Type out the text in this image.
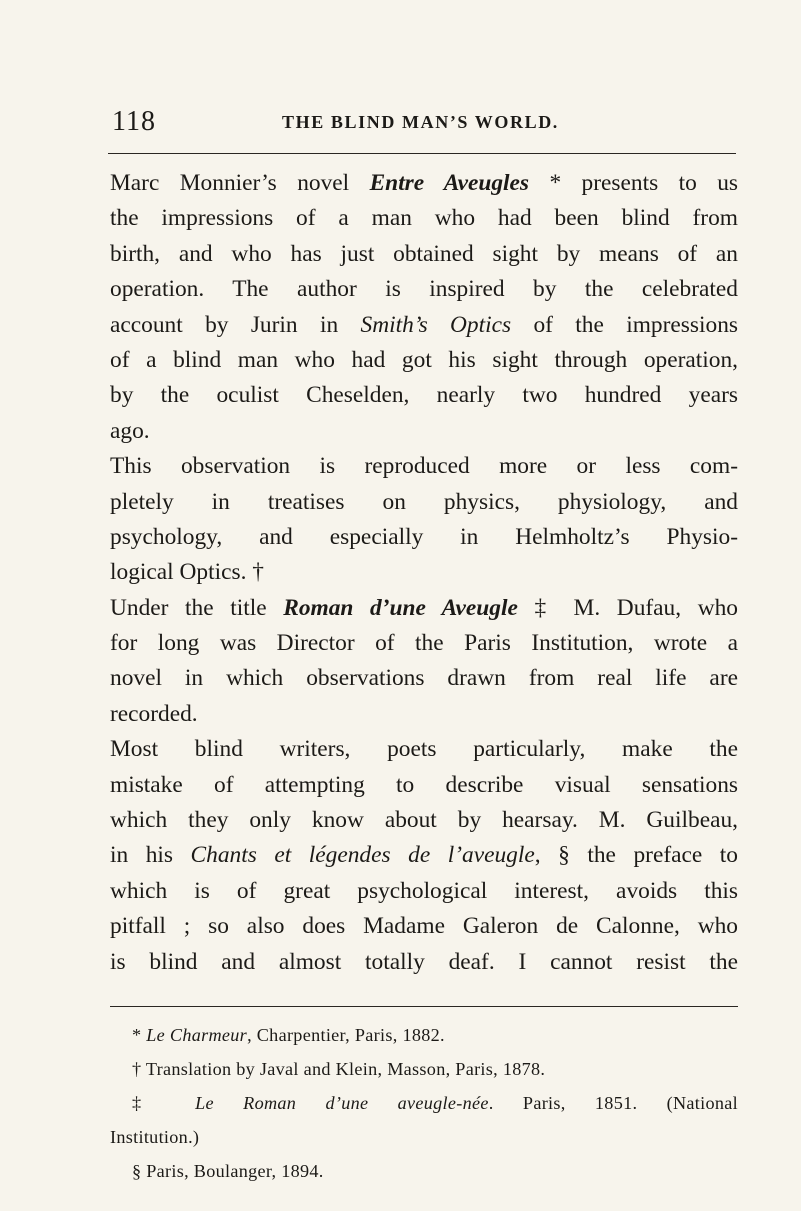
118	THE BLIND MAN’S WORLD.
Marc Monnier’s novel Entre Aveugles * presents to us
the impressions of a man who had been blind from
birth, and who has just obtained sight by means of an
operation. The author is inspired by the celebrated
account by Jurin in Smith’s Optics of the impressions
of a blind man who had got his sight through operation,
by the oculist Cheselden, nearly two hundred years
ago.
This observation is reproduced more or less com-
pletely in treatises on physics, physiology, and
psychology, and especially in Helmholtz’s Physio-
logical Optics. †
Under the title Roman d’une Aveugle ‡ M. Dufau, who
for long was Director of the Paris Institution, wrote a
novel in which observations drawn from real life are
recorded.
Most blind writers, poets particularly, make the
mistake of attempting to describe visual sensations
which they only know about by hearsay. M. Guilbeau,
in his Chants et légendes de l’aveugle, § the preface to
which is of great psychological interest, avoids this
pitfall ; so also does Madame Galeron de Calonne, who
is blind and almost totally deaf. I cannot resist the
* Le Charmeur, Charpentier, Paris, 1882.
† Translation by Javal and Klein, Masson, Paris, 1878.
‡ Le Roman d’une aveugle-née. Paris, 1851. (National
Institution.)
§ Paris, Boulanger, 1894.
